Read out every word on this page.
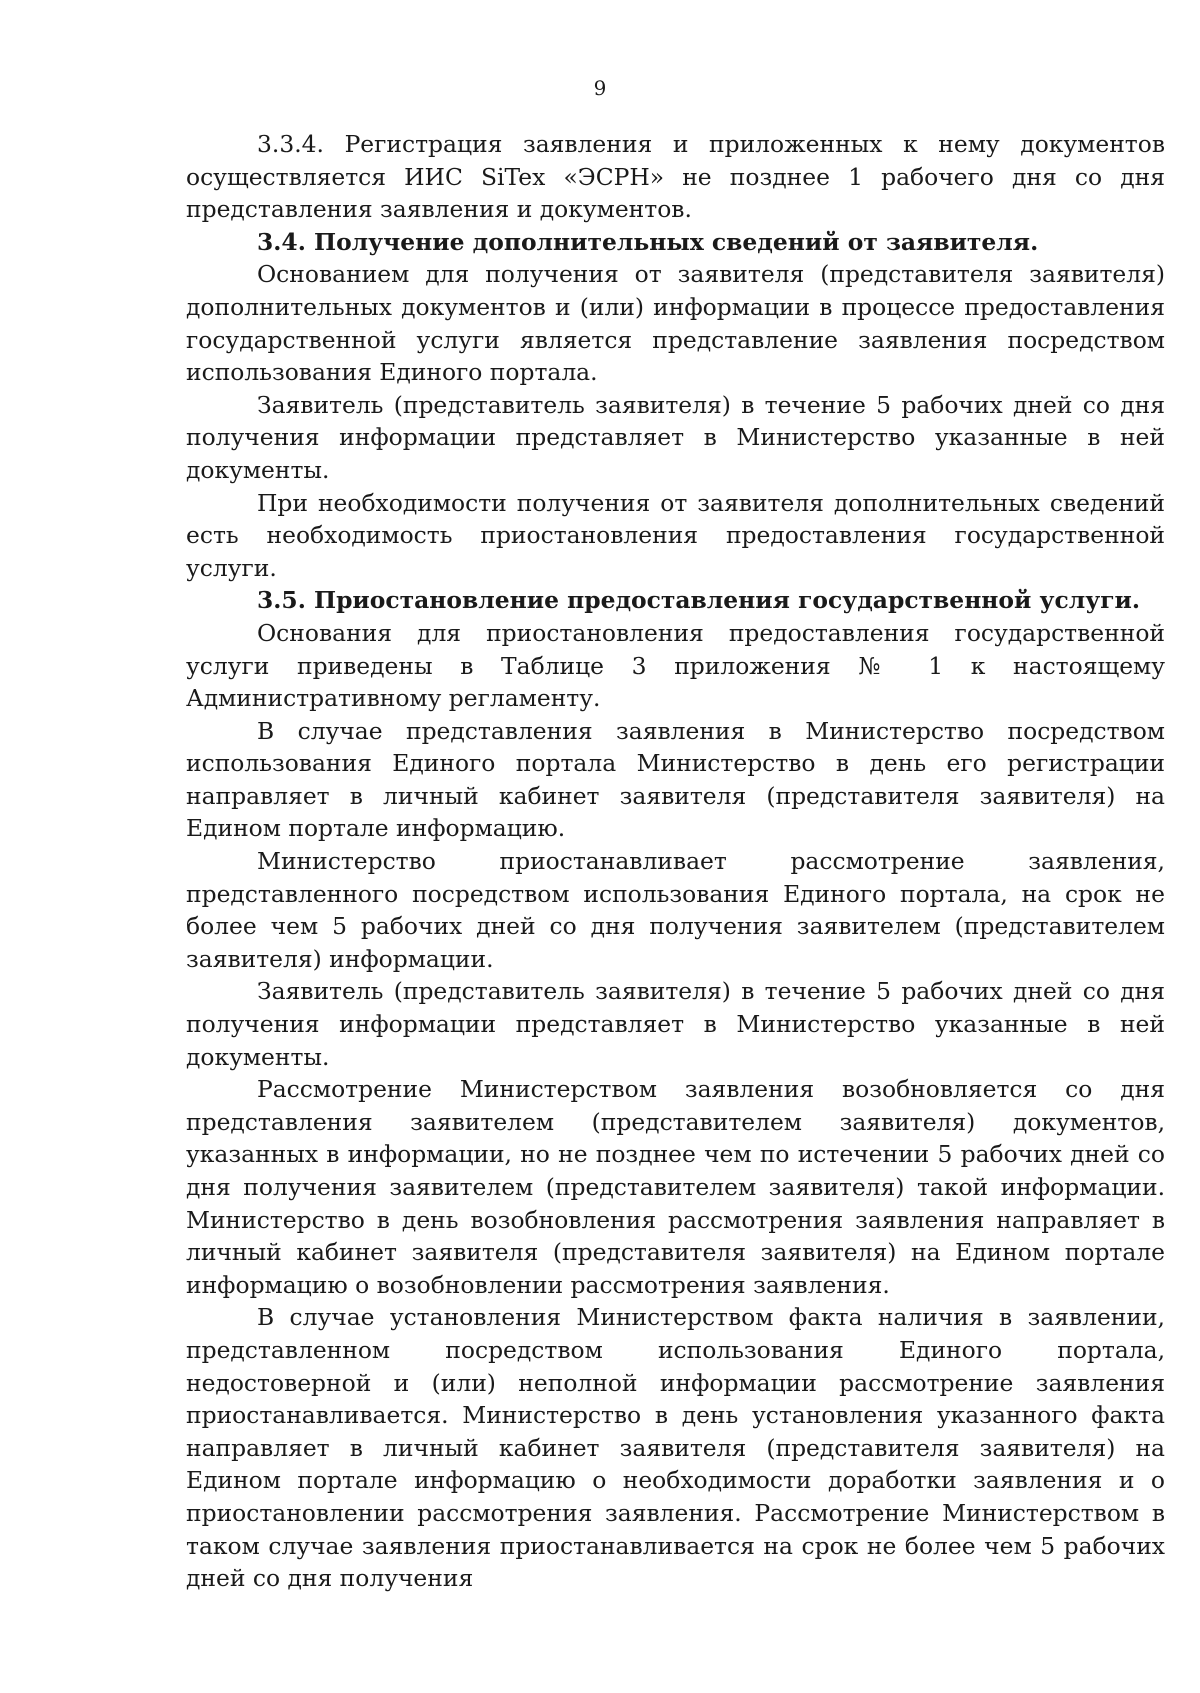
9

3.3.4. Регистрация заявления и приложенных к нему документов осуществляется ИИС SiTex «ЭСРН» не позднее 1 рабочего дня со дня представления заявления и документов.

3.4. Получение дополнительных сведений от заявителя.

Основанием для получения от заявителя (представителя заявителя) дополнительных документов и (или) информации в процессе предоставления государственной услуги является представление заявления посредством использования Единого портала.

Заявитель (представитель заявителя) в течение 5 рабочих дней со дня получения информации представляет в Министерство указанные в ней документы.

При необходимости получения от заявителя дополнительных сведений есть необходимость приостановления предоставления государственной услуги.

3.5. Приостановление предоставления государственной услуги.

Основания для приостановления предоставления государственной услуги приведены в Таблице 3 приложения № 1 к настоящему Административному регламенту.

В случае представления заявления в Министерство посредством использования Единого портала Министерство в день его регистрации направляет в личный кабинет заявителя (представителя заявителя) на Едином портале информацию.

Министерство приостанавливает рассмотрение заявления, представленного посредством использования Единого портала, на срок не более чем 5 рабочих дней со дня получения заявителем (представителем заявителя) информации.

Заявитель (представитель заявителя) в течение 5 рабочих дней со дня получения информации представляет в Министерство указанные в ней документы.

Рассмотрение Министерством заявления возобновляется со дня представления заявителем (представителем заявителя) документов, указанных в информации, но не позднее чем по истечении 5 рабочих дней со дня получения заявителем (представителем заявителя) такой информации. Министерство в день возобновления рассмотрения заявления направляет в личный кабинет заявителя (представителя заявителя) на Едином портале информацию о возобновлении рассмотрения заявления.

В случае установления Министерством факта наличия в заявлении, представленном посредством использования Единого портала, недостоверной и (или) неполной информации рассмотрение заявления приостанавливается. Министерство в день установления указанного факта направляет в личный кабинет заявителя (представителя заявителя) на Едином портале информацию о необходимости доработки заявления и о приостановлении рассмотрения заявления. Рассмотрение Министерством в таком случае заявления приостанавливается на срок не более чем 5 рабочих дней со дня получения
